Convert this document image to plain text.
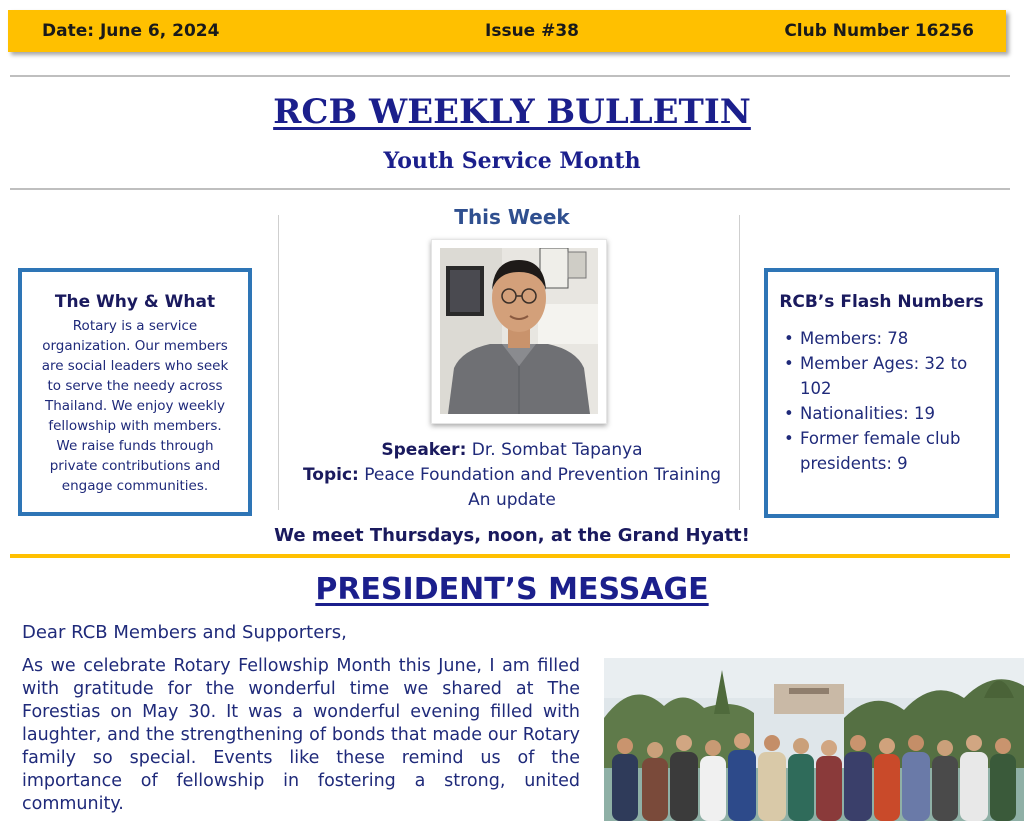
Date: June 6, 2024	Issue #38	Club Number 16256
RCB WEEKLY BULLETIN
Youth Service Month
The Why & What

Rotary is a service organization. Our members are social leaders who seek to serve the needy across Thailand. We enjoy weekly fellowship with members. We raise funds through private contributions and engage communities.

This Week
Speaker: Dr. Sombat Tapanya
Topic: Peace Foundation and Prevention Training
An update
RCB’s Flash Numbers
• Members: 78
• Member Ages: 32 to 102
• Nationalities: 19
• Former female club presidents: 9
We meet Thursdays, noon, at the Grand Hyatt!
PRESIDENT’S MESSAGE
Dear RCB Members and Supporters,

As we celebrate Rotary Fellowship Month this June, I am filled with gratitude for the wonderful time we shared at The Forestias on May 30. It was a wonderful evening filled with laughter, and the strengthening of bonds that made our Rotary family so special. Events like these remind us of the importance of fellowship in fostering a strong, united community.
